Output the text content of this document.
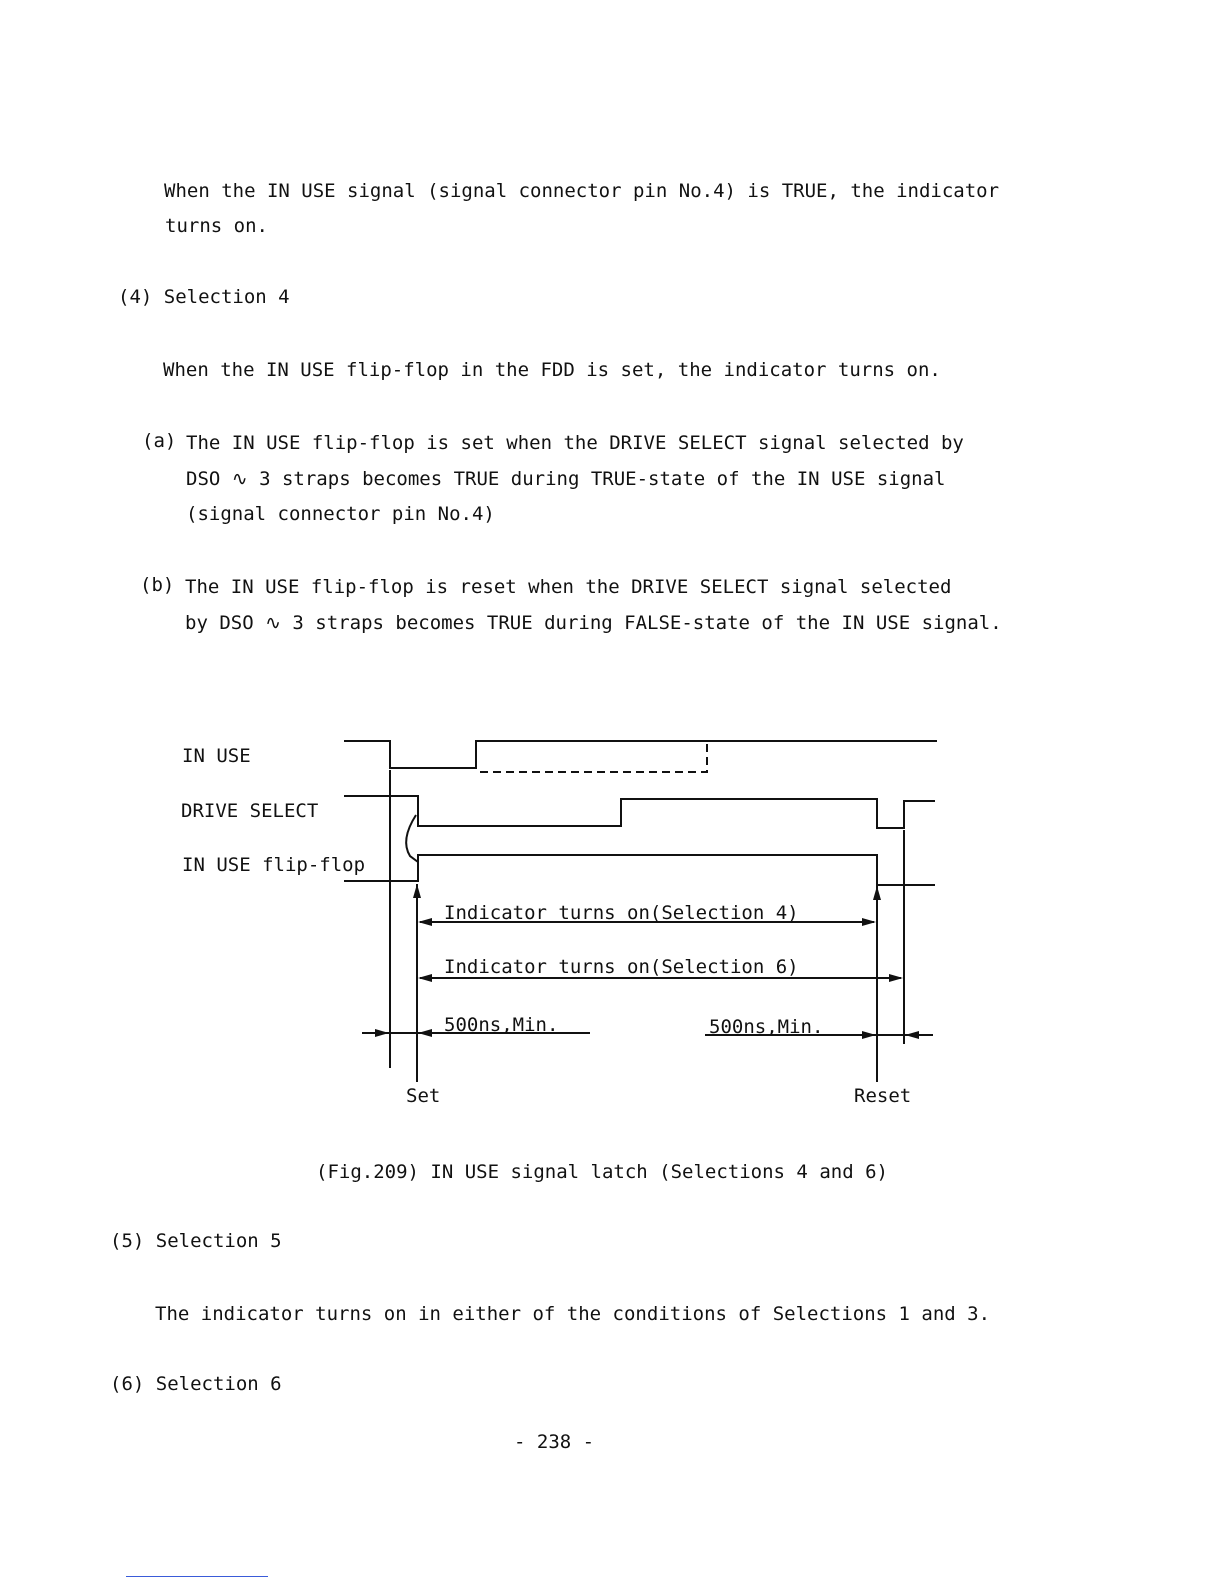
When the IN USE signal (signal connector pin No.4) is TRUE, the indicator
turns on.
(4) Selection 4
When the IN USE flip-flop in the FDD is set, the indicator turns on.
(a) The IN USE flip-flop is set when the DRIVE SELECT signal selected by
DSO ∿ 3 straps becomes TRUE during TRUE-state of the IN USE signal
(signal connector pin No.4)
(b) The IN USE flip-flop is reset when the DRIVE SELECT signal selected
by DSO ∿ 3 straps becomes TRUE during FALSE-state of the IN USE signal.
IN USE
DRIVE SELECT
IN USE flip-flop
Indicator turns on(Selection 4)
Indicator turns on(Selection 6)
500ns,Min.	500ns,Min.
Set	Reset
(Fig.209) IN USE signal latch (Selections 4 and 6)
(5) Selection 5
The indicator turns on in either of the conditions of Selections 1 and 3.
(6) Selection 6
- 238 -
